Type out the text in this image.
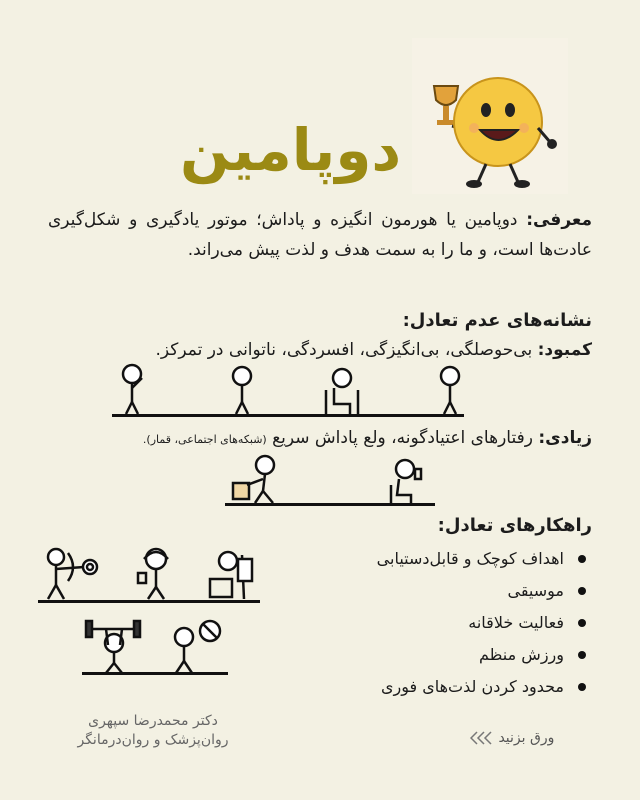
دوپامین
معرفی: دوپامین یا هورمون انگیزه و پاداش؛ موتور یادگیری و شکل‌گیری عادت‌ها است، و ما را به سمت هدف و لذت پیش می‌راند.
نشانه‌های عدم تعادل:
کمبود: بی‌حوصلگی، بی‌انگیزگی، افسردگی، ناتوانی در تمرکز.
زیادی: رفتارهای اعتیادگونه، ولع پاداش سریع (شبکه‌های اجتماعی، قمار).
راهکارهای تعادل:
اهداف کوچک و قابل‌دستیابی
موسیقی
فعالیت خلاقانه
ورزش منظم
محدود کردن لذت‌های فوری
دکتر محمدرضا سپهری
روان‌پزشک و روان‌درمانگر	ورق بزنید
